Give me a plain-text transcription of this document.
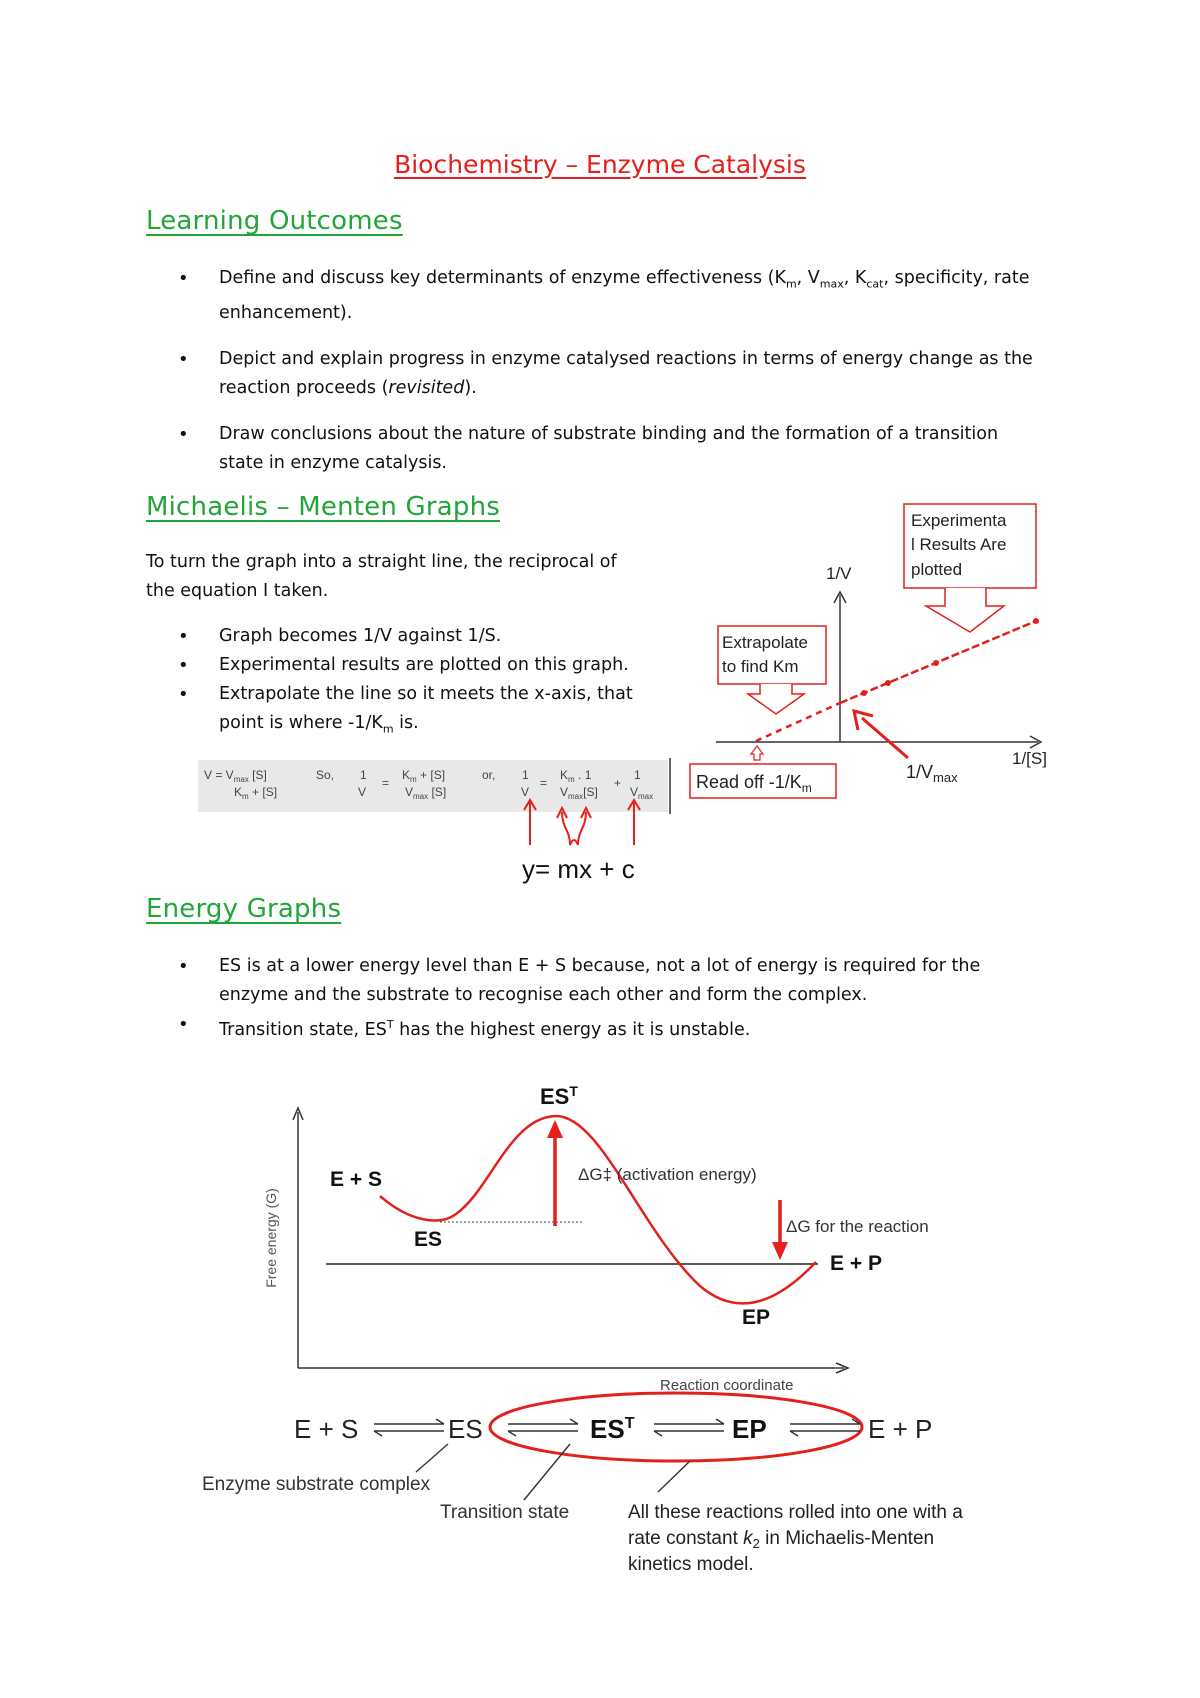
Biochemistry – Enzyme Catalysis
Learning Outcomes
• Define and discuss key determinants of enzyme effectiveness ($K_m$, $V_{max}$, $K_{cat}$, specificity, rate
enhancement).
• Depict and explain progress in enzyme catalysed reactions in terms of energy change as the
reaction proceeds (revisited).
• Draw conclusions about the nature of substrate binding and the formation of a transition
state in enzyme catalysis.
Michaelis – Menten Graphs
To turn the graph into a straight line, the reciprocal of
the equation I taken.
• Graph becomes 1/V against 1/S.
• Experimental results are plotted on this graph.
• Extrapolate the line so it meets the x-axis, that
point is where $-1/K_m$ is.
$V = V_{max}$ [S]
$K_m + [S]$
So, 1
V
=
$K_m + [S]$
$V_{max}$ [S]
or, 1
V
=
$K_m$ . 1
$V_{max}[S]$
+
1
$V_{max}$
y= mx + c
1/V
1/[S]
Experimenta
l Results Are
plotted
Extrapolate
to find Km
Read off $-1/K_m$
$1/V_{max}$
Free energy (G)
Reaction coordinate
$ES^T$
E + S
ES
ΔG‡ (activation energy)
ΔG for the reaction
E + P
EP
E + S	ES	$ES^T$	EP	E + P
Enzyme substrate complex
Transition state	All these reactions rolled into one with a
rate constant $k_2$ in Michaelis-Menten
kinetics model.
Energy Graphs
• ES is at a lower energy level than E + S because, not a lot of energy is required for the
enzyme and the substrate to recognise each other and form the complex.
• Transition state, $ES^T$ has the highest energy as it is unstable.
